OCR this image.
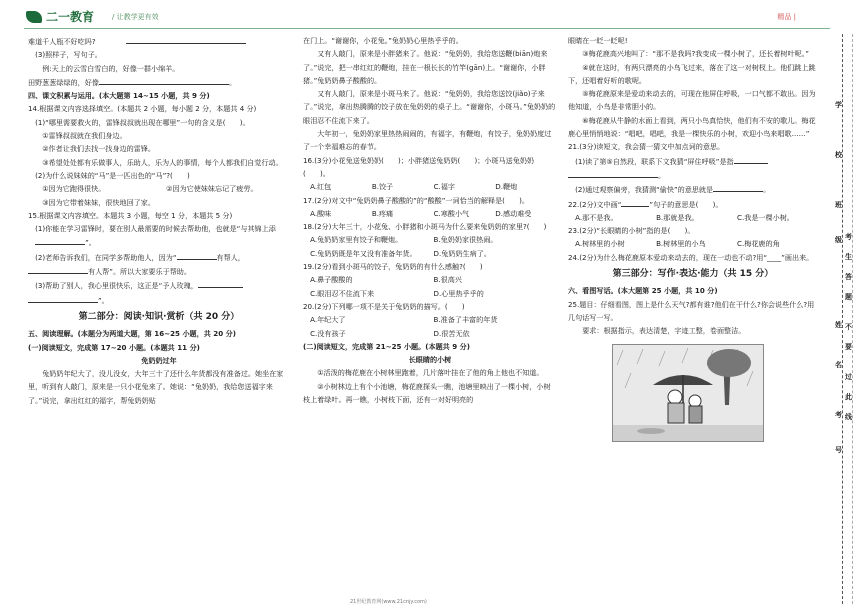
二一教育	/ 让教学更有效	精品 |

难道千人瓶不好吃吗?

(3)照样子，写句子。

例:天上的云雪白雪白的，好像一群小绵羊。

田野葱葱绿绿的，好像	。

四、课文积累与运用。(本大题第 14~15 小题，共 9 分)

14.根据课文内容选择填空。(本题共 2 小题，每小题 2 分，本题共 4 分)

(1)“哪里需要救火的，雷锋叔叔就出现在哪里”一句的含义是(　　)。

①雷锋叔叔就在我们身边。

②作者让我们去找一找身边的雷锋。

③希望处处都有乐做事人，乐助人，乐为人的事情，每个人都我们自觉行动。

(2)为什么说妹妹的“马”是一匹出色的“马”?(　　)

①因为它跑得很快。	②因为它使妹妹忘记了疲劳。

③因为它带着妹妹，很快地回了家。

15.根据课文内容填空。本题共 3 小题，每空 1 分，本题共 5 分)

(1)你能在学习雷锋时，要在别人最需要的时候去帮助他，也就是“与其锦上添”。

(2)老师告诉我们，在同学多帮助他人，因为“	有帮人，

有人帮”。所以大家要乐于帮助。

(3)帮助了别人，我心里很快乐，这正是“予人玫瑰，

”。

第二部分：阅读·知识·赏析（共 20 分）

五、阅读理解。(本题分为两道大题，第 16~25 小题，共 20 分)

(一)阅读短文，完成第 17~20 小题。(本题共 11 分)

免奶奶过年

兔奶奶年纪大了，没儿没女，大年三十了还什么年货都没有准备过。她坐在家里，听到有人敲门，原来是一只小花兔来了。她说：“兔奶奶，我给您送福字来了。”说完，拿出红红的福字，帮兔奶奶贴

在门上。“谢谢你，小花兔。”兔奶奶心里热乎乎的。

又有人敲门，原来是小胖猪来了。他说：“兔奶奶，我给您送鞭(biān)炮来了。”说完，把一串红红的鞭炮，挂在一根长长的竹竿(gān)上。“谢谢你，小胖猪。”兔奶奶鼻子酸酸的。

又有人敲门，原来是小斑马来了。他说：“兔奶奶，我给您送饺(jiǎo)子来了。”说完，拿出热腾腾的饺子放在兔奶奶的桌子上。“谢谢你，小斑马。”兔奶奶的眼泪忍不住流下来了。

大年初一，兔奶奶家里热热闹闹的，有福字，有鞭炮，有饺子，兔奶奶度过了一个幸福难忘的春节。

16.(3分)小花兔送兔奶奶(　　)；小胖猪送兔奶奶(　　)；小斑马送兔奶奶(　　)。

A.红包	B.饺子	C.福字	D.鞭炮

17.(2分)对文中“兔奶奶鼻子酸酸的”的“酸酸”一词恰当的解释是(　　)。

A.酸味	B.疼痛	C.寒酸小气	D.感动难受

18.(2分)大年三十，小花兔、小胖猪和小斑马为什么要来兔奶奶的家里?(　　)

A.兔奶奶家里有饺子和鞭炮。	B.兔奶奶家很热闹。

C.兔奶奶既是年又没有准备年货。	D.兔奶奶生病了。

19.(2分)看到小斑马的饺子，兔奶奶的有什么感触?(　　)

A.鼻子酸酸的	B.很高兴

C.眼泪忍不住流下来	D.心里热乎乎的

20.(2分)下列哪一项不是关于兔奶奶的描写。(　　)

A.年纪大了	B.准备了丰富的年货

C.没有孩子	D.很苦无依

(二)阅读短文，完成第 21~25 小题。(本题共 9 分)

长眼睛的小树

①活泼的梅花鹿在小树林里跑着，几片落叶挂在了他的角上他也不知道。

②小树林边上有个小池塘，梅花鹿探头一瞧，池塘里映出了一棵小树，小树枝上着绿叶。再一瞧，小树枝下面，还有一对好明亮的

眼睛在一眨一眨呢!

③梅花鹿高兴地叫了：“那不是我吗?我变成一棵小树了，还长着树叶呢。”

④就在这时，有两只漂亮的小鸟飞过来，落在了这一对树杈上。他们跳上跳下，还唱着好听的歌呢。

⑤梅花鹿原来是爱动来动去的，可现在他屏住呼吸，一口气都不敢出。因为他知道，小鸟是非常胆小的。

⑥梅花鹿从牛静的水面上看到，两只小鸟真恰快，他们有不安的歌儿。梅花鹿心里悄悄地说：“唱吧，唱吧，我是一棵快乐的小树，欢迎小鸟来唱歌……”

21.(3分)读短文，我会猜一猜文中加点词的意思。

(1)读了第⑤自然段，联系下文我猜“屏住呼吸”是指

。

(2)通过观察偏旁，我猜测“偷快”的意思就是	。

22.(2分)文中画“	”句子的意思是(　　)。

A.那不是我。	B.那就是我。	C.我是一棵小树。

23.(2分)“长眼睛的小树”指的是(　　)。

A.树林里的小树	B.树林里的小鸟	C.梅花鹿的角

24.(2分)为什么梅花鹿原本爱动来动去的，现在一动也不动?用“____”画出来。

第三部分：写作·表达·能力（共 15 分）

六、看图写话。(本大题第 25 小题，共 10 分)

25.题目：仔细看图，图上是什么天气?都有谁?他们在干什么?你会说些什么?用几句话写一写。

要求：根据指示，表达清楚，字迹工整，卷面整洁。

21世纪教育网(www.21cnjy.com)
学
校
班
级 考
生
答
题
不
要
过
此
线
姓
名
考
号
